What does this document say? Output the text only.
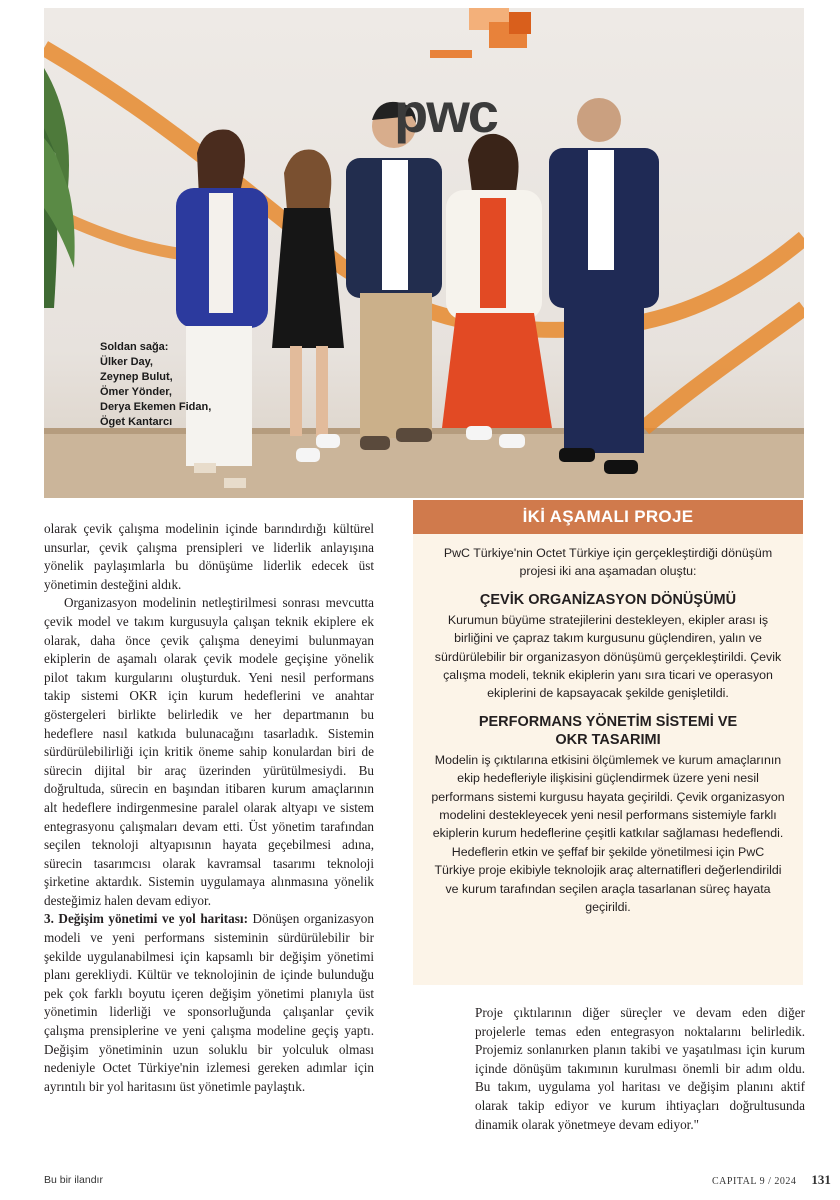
pwc
Soldan sağa:
Ülker Day,
Zeynep Bulut,
Ömer Yönder,
Derya Ekemen Fidan,
Öget Kantarcı

olarak çevik çalışma modelinin içinde barındırdığı kültürel unsurlar, çevik çalışma prensipleri ve liderlik anlayışına yönelik paylaşımlarla bu dönüşüme liderlik edecek üst yönetimin desteğini aldık.

Organizasyon modelinin netleştirilmesi sonrası mevcutta çevik model ve takım kurgusuyla çalışan teknik ekiplere ek olarak, daha önce çevik çalışma deneyimi bulunmayan ekiplerin de aşamalı olarak çevik modele geçişine yönelik pilot takım kurgularını oluşturduk. Yeni nesil performans takip sistemi OKR için kurum hedeflerini ve anahtar göstergeleri birlikte belirledik ve her departmanın bu hedeflere nasıl katkıda bulunacağını tasarladık. Sistemin sürdürülebilirliği için kritik öneme sahip konulardan biri de sürecin dijital bir araç üzerinden yürütülmesiydi. Bu doğrultuda, sürecin en başından itibaren kurum amaçlarının alt hedeflere indirgenmesine paralel olarak altyapı ve sistem entegrasyonu çalışmaları devam etti. Üst yönetim tarafından seçilen teknoloji altyapısının hayata geçebilmesi adına, sürecin tasarımcısı olarak kavramsal tasarımı teknoloji şirketine aktardık. Sistemin uygulamaya alınmasına yönelik desteğimiz halen devam ediyor.

3. Değişim yönetimi ve yol haritası: Dönüşen organizasyon modeli ve yeni performans sisteminin sürdürülebilir bir şekilde uygulanabilmesi için kapsamlı bir değişim yönetimi planı gerekliydi. Kültür ve teknolojinin de içinde bulunduğu pek çok farklı boyutu içeren değişim yönetimi planıyla üst yönetimin liderliği ve sponsorluğunda çalışanlar çevik çalışma prensiplerine ve yeni çalışma modeline geçiş yaptı. Değişim yönetiminin uzun soluklu bir yolculuk olması nedeniyle Octet Türkiye'nin izlemesi gereken adımlar için ayrıntılı bir yol haritasını üst yönetimle paylaştık.

İKİ AŞAMALI PROJE

PwC Türkiye'nin Octet Türkiye için gerçekleştirdiği dönüşüm projesi iki ana aşamadan oluştu:

ÇEVİK ORGANİZASYON DÖNÜŞÜMÜ

Kurumun büyüme stratejilerini destekleyen, ekipler arası iş birliğini ve çapraz takım kurgusunu güçlendiren, yalın ve sürdürülebilir bir organizasyon dönüşümü gerçekleştirildi. Çevik çalışma modeli, teknik ekiplerin yanı sıra ticari ve operasyon ekiplerini de kapsayacak şekilde genişletildi.

PERFORMANS YÖNETİM SİSTEMİ VE OKR TASARIMI

Modelin iş çıktılarına etkisini ölçümlemek ve kurum amaçlarının ekip hedefleriyle ilişkisini güçlendirmek üzere yeni nesil performans sistemi kurgusu hayata geçirildi. Çevik organizasyon modelini destekleyecek yeni nesil performans sistemiyle farklı ekiplerin kurum hedeflerine çeşitli katkılar sağlaması hedeflendi. Hedeflerin etkin ve şeffaf bir şekilde yönetilmesi için PwC Türkiye proje ekibiyle teknolojik araç alternatifleri değerlendirildi ve kurum tarafından seçilen araçla tasarlanan süreç hayata geçirildi.

Proje çıktılarının diğer süreçler ve devam eden diğer projelerle temas eden entegrasyon noktalarını belirledik. Projemiz sonlanırken planın takibi ve yaşatılması için kurum içinde dönüşüm takımının kurulması önemli bir adım oldu. Bu takım, uygulama yol haritası ve değişim planını aktif olarak takip ediyor ve kurum ihtiyaçları doğrultusunda dinamik olarak yönetmeye devam ediyor."

Bu bir ilandır	CAPITAL 9 / 2024 131
